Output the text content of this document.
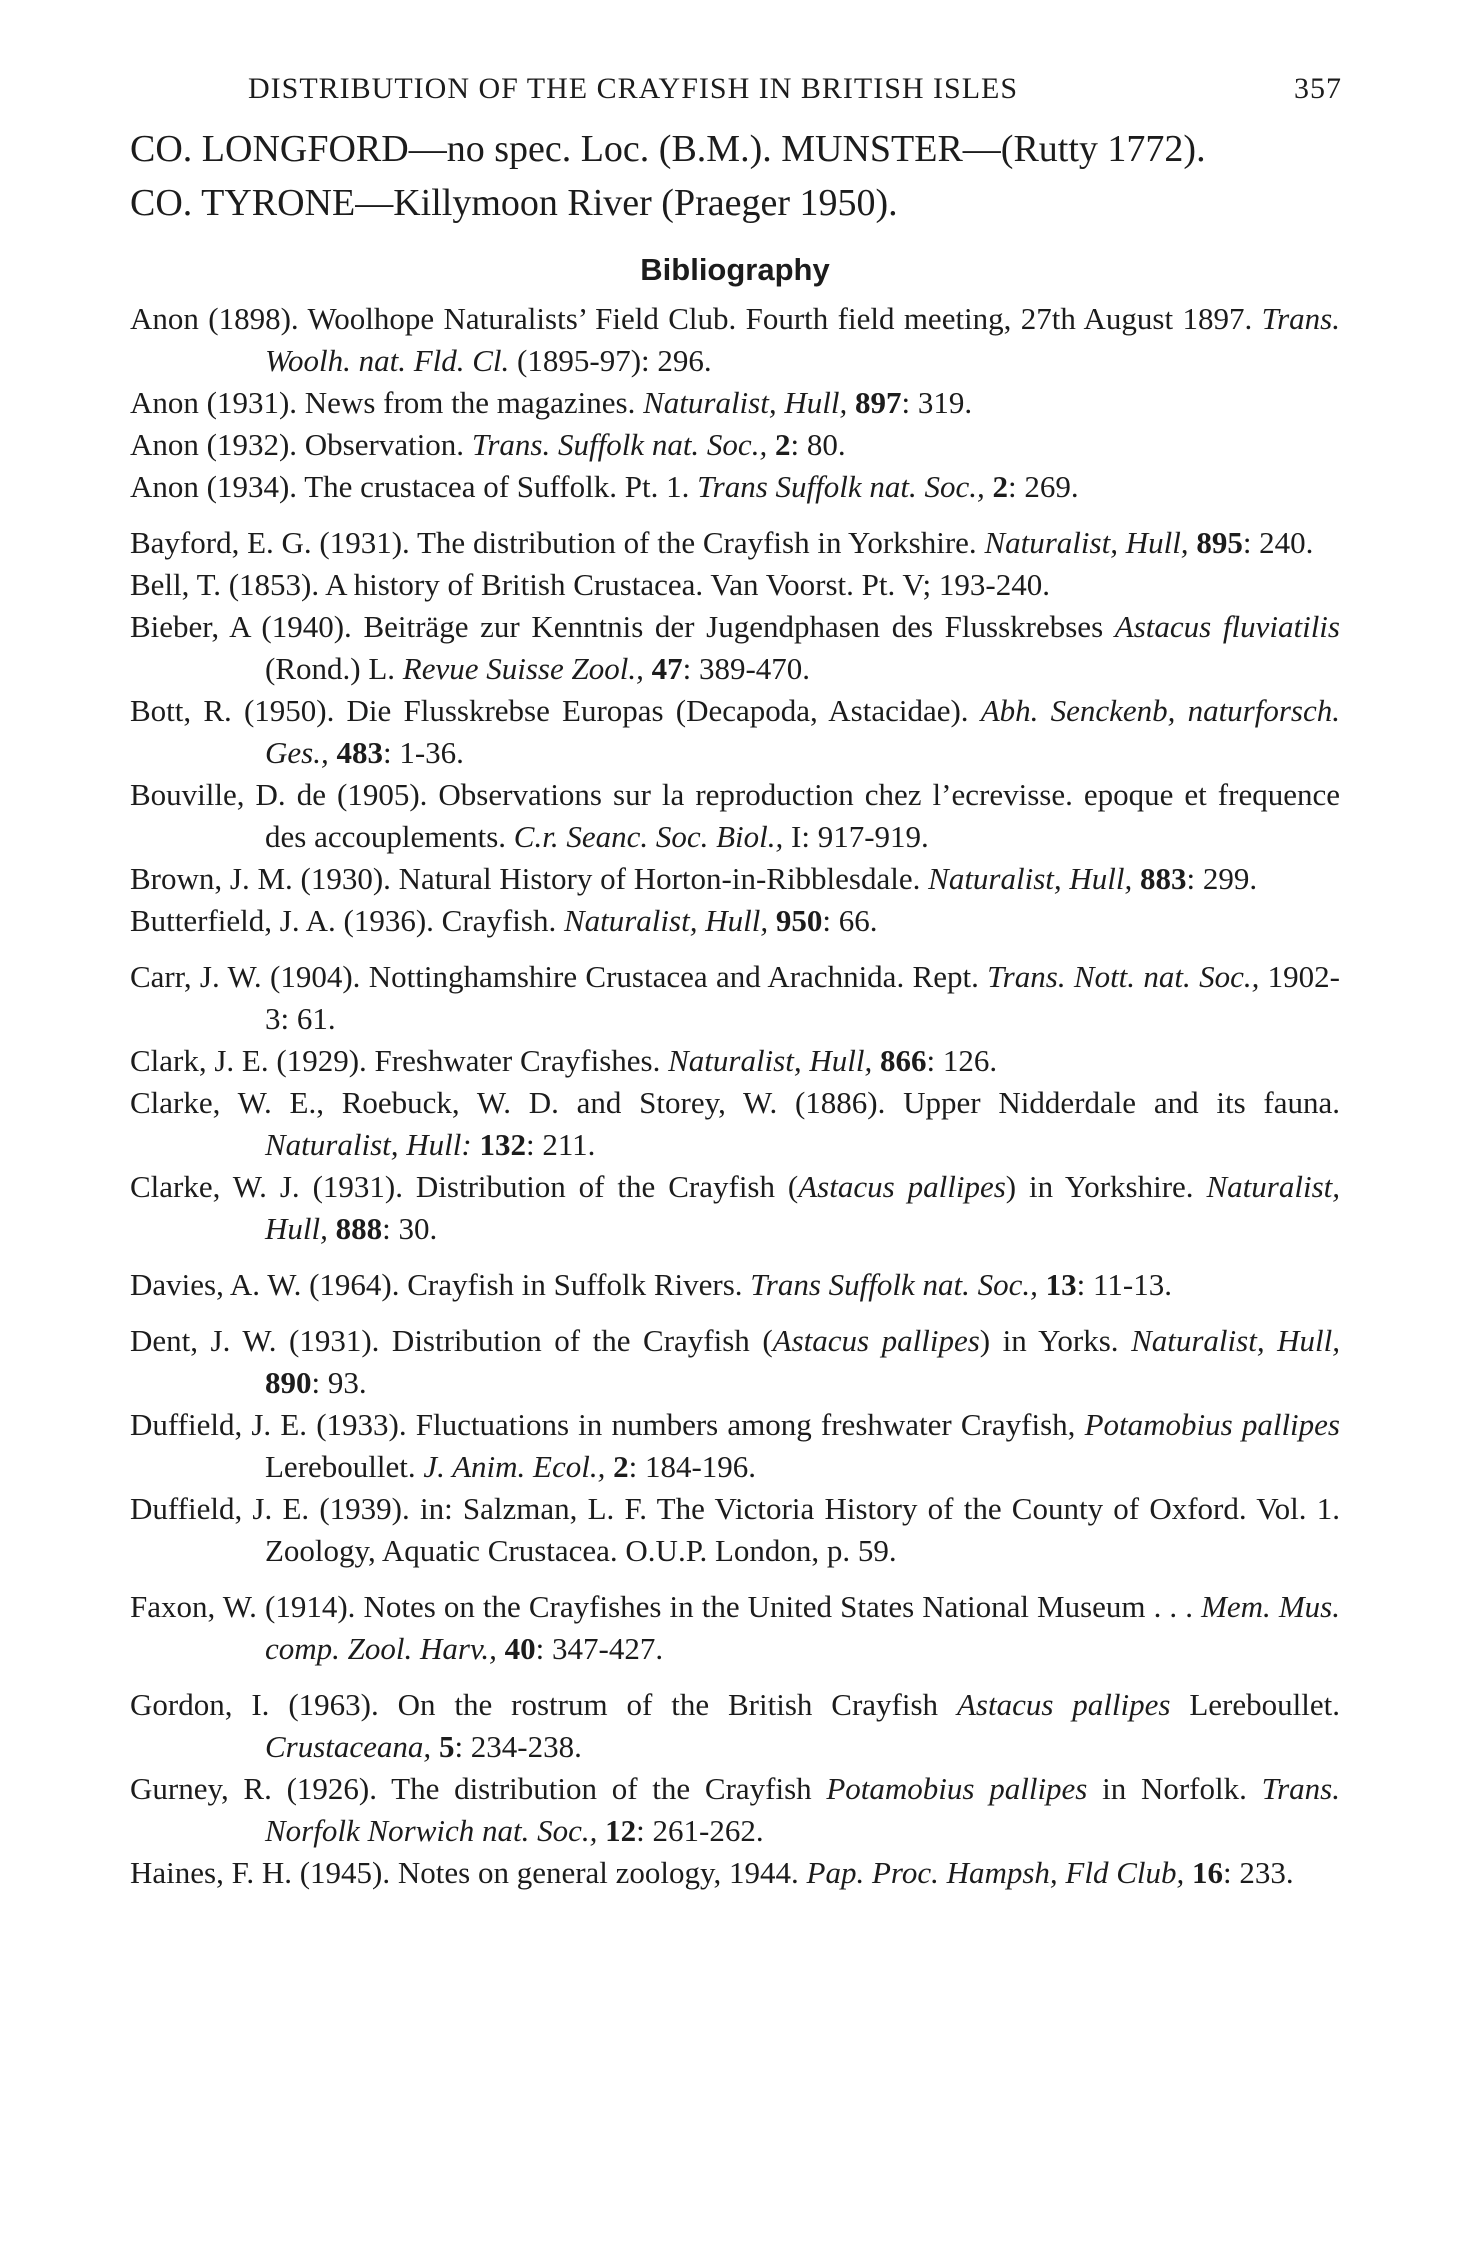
DISTRIBUTION OF THE CRAYFISH IN BRITISH ISLES	357

CO. LONGFORD—no spec. Loc. (B.M.). MUNSTER—(Rutty 1772).

CO. TYRONE—Killymoon River (Praeger 1950).

Bibliography

Anon (1898). Woolhope Naturalists’ Field Club. Fourth field meeting, 27th August 1897. Trans. Woolh. nat. Fld. Cl. (1895-97): 296.

Anon (1931). News from the magazines. Naturalist, Hull, 897: 319.

Anon (1932). Observation. Trans. Suffolk nat. Soc., 2: 80.

Anon (1934). The crustacea of Suffolk. Pt. 1. Trans Suffolk nat. Soc., 2: 269.

Bayford, E. G. (1931). The distribution of the Crayfish in Yorkshire. Naturalist, Hull, 895: 240.

Bell, T. (1853). A history of British Crustacea. Van Voorst. Pt. V; 193-240.

Bieber, A (1940). Beiträge zur Kenntnis der Jugendphasen des Flusskrebses Astacus fluviatilis (Rond.) L. Revue Suisse Zool., 47: 389-470.

Bott, R. (1950). Die Flusskrebse Europas (Decapoda, Astacidae). Abh. Senckenb, naturforsch. Ges., 483: 1-36.

Bouville, D. de (1905). Observations sur la reproduction chez l’ecrevisse. epoque et frequence des accouplements. C.r. Seanc. Soc. Biol., I: 917-919.

Brown, J. M. (1930). Natural History of Horton-in-Ribblesdale. Naturalist, Hull, 883: 299.

Butterfield, J. A. (1936). Crayfish. Naturalist, Hull, 950: 66.

Carr, J. W. (1904). Nottinghamshire Crustacea and Arachnida. Rept. Trans. Nott. nat. Soc., 1902-3: 61.

Clark, J. E. (1929). Freshwater Crayfishes. Naturalist, Hull, 866: 126.

Clarke, W. E., Roebuck, W. D. and Storey, W. (1886). Upper Nidderdale and its fauna. Naturalist, Hull: 132: 211.

Clarke, W. J. (1931). Distribution of the Crayfish (Astacus pallipes) in Yorkshire. Naturalist, Hull, 888: 30.

Davies, A. W. (1964). Crayfish in Suffolk Rivers. Trans Suffolk nat. Soc., 13: 11-13.

Dent, J. W. (1931). Distribution of the Crayfish (Astacus pallipes) in Yorks. Naturalist, Hull, 890: 93.

Duffield, J. E. (1933). Fluctuations in numbers among freshwater Crayfish, Potamobius pallipes Lereboullet. J. Anim. Ecol., 2: 184-196.

Duffield, J. E. (1939). in: Salzman, L. F. The Victoria History of the County of Oxford. Vol. 1. Zoology, Aquatic Crustacea. O.U.P. London, p. 59.

Faxon, W. (1914). Notes on the Crayfishes in the United States National Museum . . . Mem. Mus. comp. Zool. Harv., 40: 347-427.

Gordon, I. (1963). On the rostrum of the British Crayfish Astacus pallipes Lereboullet. Crustaceana, 5: 234-238.

Gurney, R. (1926). The distribution of the Crayfish Potamobius pallipes in Norfolk. Trans. Norfolk Norwich nat. Soc., 12: 261-262.

Haines, F. H. (1945). Notes on general zoology, 1944. Pap. Proc. Hampsh, Fld Club, 16: 233.
